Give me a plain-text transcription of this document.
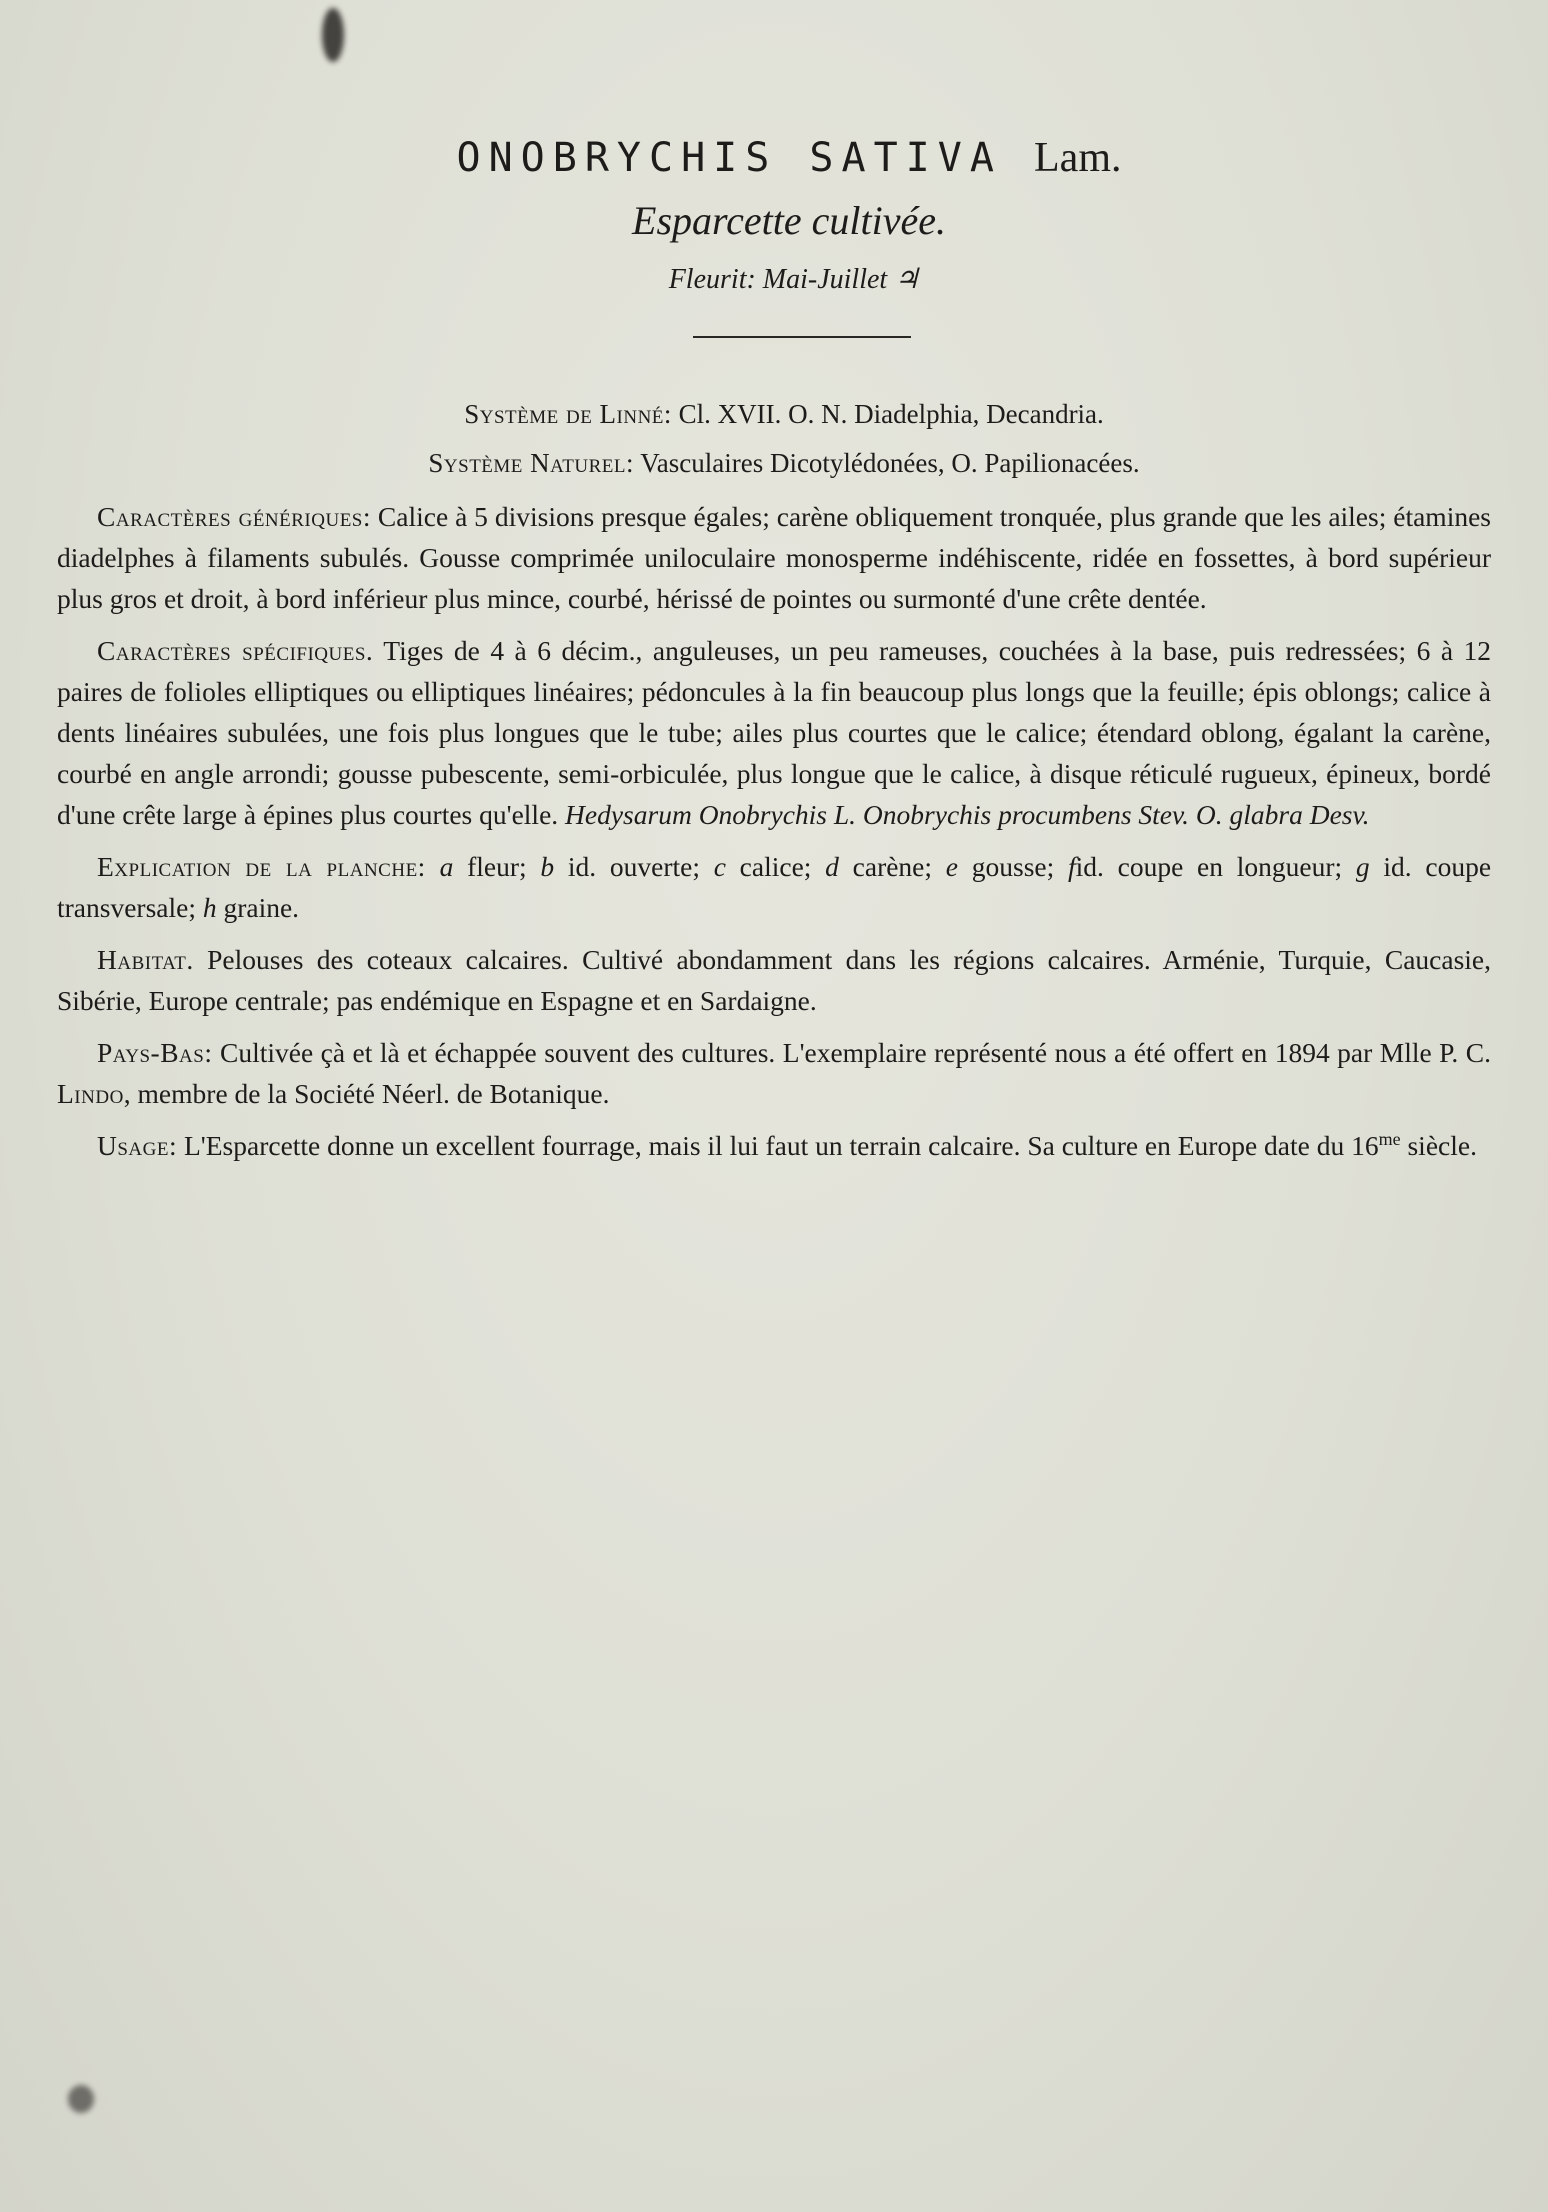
ONOBRYCHIS SATIVA Lam.

Esparcette cultivée.

Fleurit: Mai-Juillet ♃

Système de Linné: Cl. XVII. O. N. Diadelphia, Decandria.
Système Naturel: Vasculaires Dicotylédonées, O. Papilionacées.

Caractères génériques: Calice à 5 divisions presque égales; carène obliquement tronquée, plus grande que les ailes; étamines diadelphes à filaments subulés. Gousse comprimée uniloculaire monosperme indéhiscente, ridée en fossettes, à bord supérieur plus gros et droit, à bord inférieur plus mince, courbé, hérissé de pointes ou surmonté d'une crête dentée.

Caractères spécifiques. Tiges de 4 à 6 décim., anguleuses, un peu rameuses, couchées à la base, puis redressées; 6 à 12 paires de folioles elliptiques ou elliptiques linéaires; pédoncules à la fin beaucoup plus longs que la feuille; épis oblongs; calice à dents linéaires subulées, une fois plus longues que le tube; ailes plus courtes que le calice; étendard oblong, égalant la carène, courbé en angle arrondi; gousse pubescente, semi-orbiculée, plus longue que le calice, à disque réticulé rugueux, épineux, bordé d'une crête large à épines plus courtes qu'elle. Hedysarum Onobrychis L. Onobrychis procumbens Stev. O. glabra Desv.

Explication de la planche: a fleur; b id. ouverte; c calice; d carène; e gousse; fid. coupe en longueur; g id. coupe transversale; h graine.

Habitat. Pelouses des coteaux calcaires. Cultivé abondamment dans les régions calcaires. Arménie, Turquie, Caucasie, Sibérie, Europe centrale; pas endémique en Espagne et en Sardaigne.

Pays-Bas: Cultivée çà et là et échappée souvent des cultures. L'exemplaire représenté nous a été offert en 1894 par Mlle P. C. Lindo, membre de la Société Néerl. de Botanique.

Usage: L'Esparcette donne un excellent fourrage, mais il lui faut un terrain calcaire. Sa culture en Europe date du $16^{me}$ siècle.
